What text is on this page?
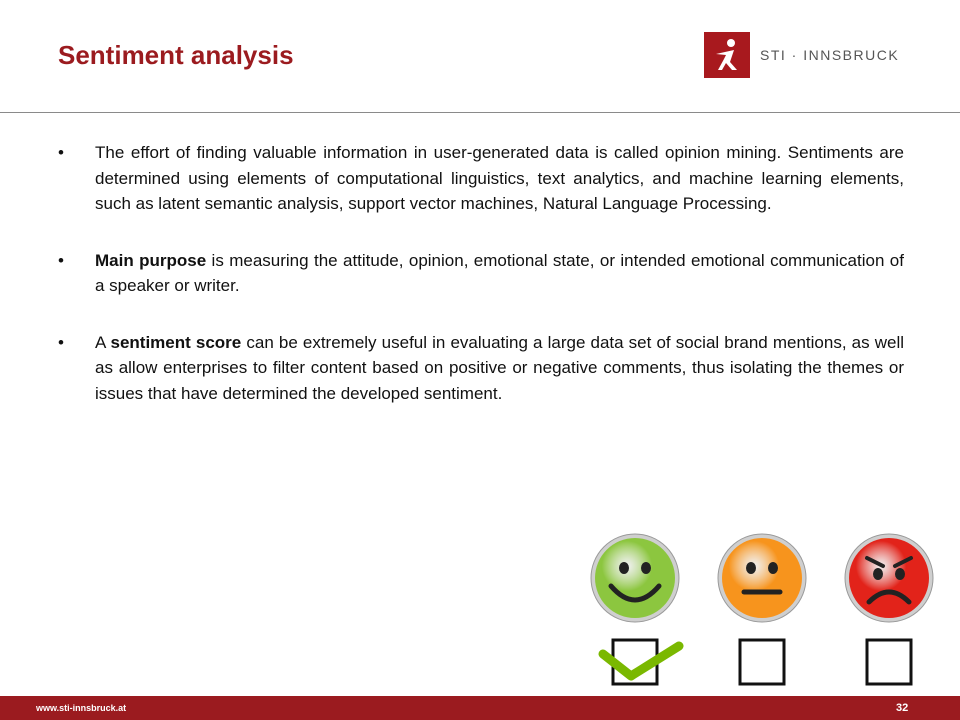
Sentiment analysis	STI · INNSBRUCK
• The effort of finding valuable information in user-generated data is called opinion mining. Sentiments are determined using elements of computational linguistics, text analytics, and machine learning elements, such as latent semantic analysis, support vector machines, Natural Language Processing.
• Main purpose is measuring the attitude, opinion, emotional state, or intended emotional communication of a speaker or writer.
• A sentiment score can be extremely useful in evaluating a large data set of social brand mentions, as well as allow enterprises to filter content based on positive or negative comments, thus isolating the themes or issues that have determined the developed sentiment.
www.sti-innsbruck.at	32
